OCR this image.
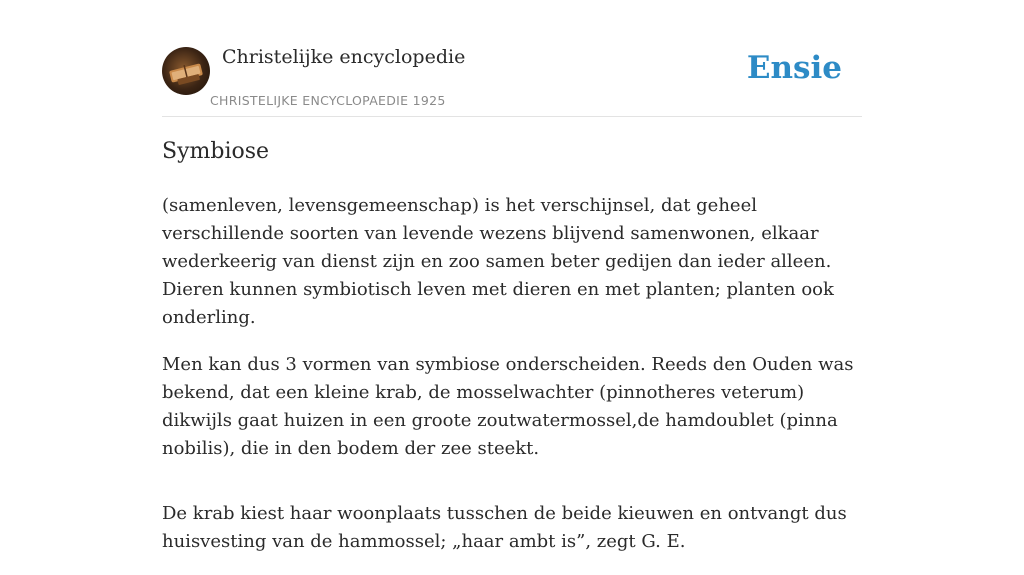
Christelijke encyclopedie
CHRISTELIJKE ENCYCLOPAEDIE 1925
Ensie
Symbiose

(samenleven, levensgemeenschap) is het verschijnsel, dat geheel verschillende soorten van levende wezens blijvend samenwonen, elkaar wederkeerig van dienst zijn en zoo samen beter gedijen dan ieder alleen. Dieren kunnen symbiotisch leven met dieren en met planten; planten ook onderling.

Men kan dus 3 vormen van symbiose onderscheiden. Reeds den Ouden was bekend, dat een kleine krab, de mosselwachter (pinnotheres veterum) dikwijls gaat huizen in een groote zoutwatermossel,de hamdoublet (pinna nobilis), die in den bodem der zee steekt.

De krab kiest haar woonplaats tusschen de beide kieuwen en ontvangt dus huisvesting van de hammossel; „haar ambt is”, zegt G. E.
